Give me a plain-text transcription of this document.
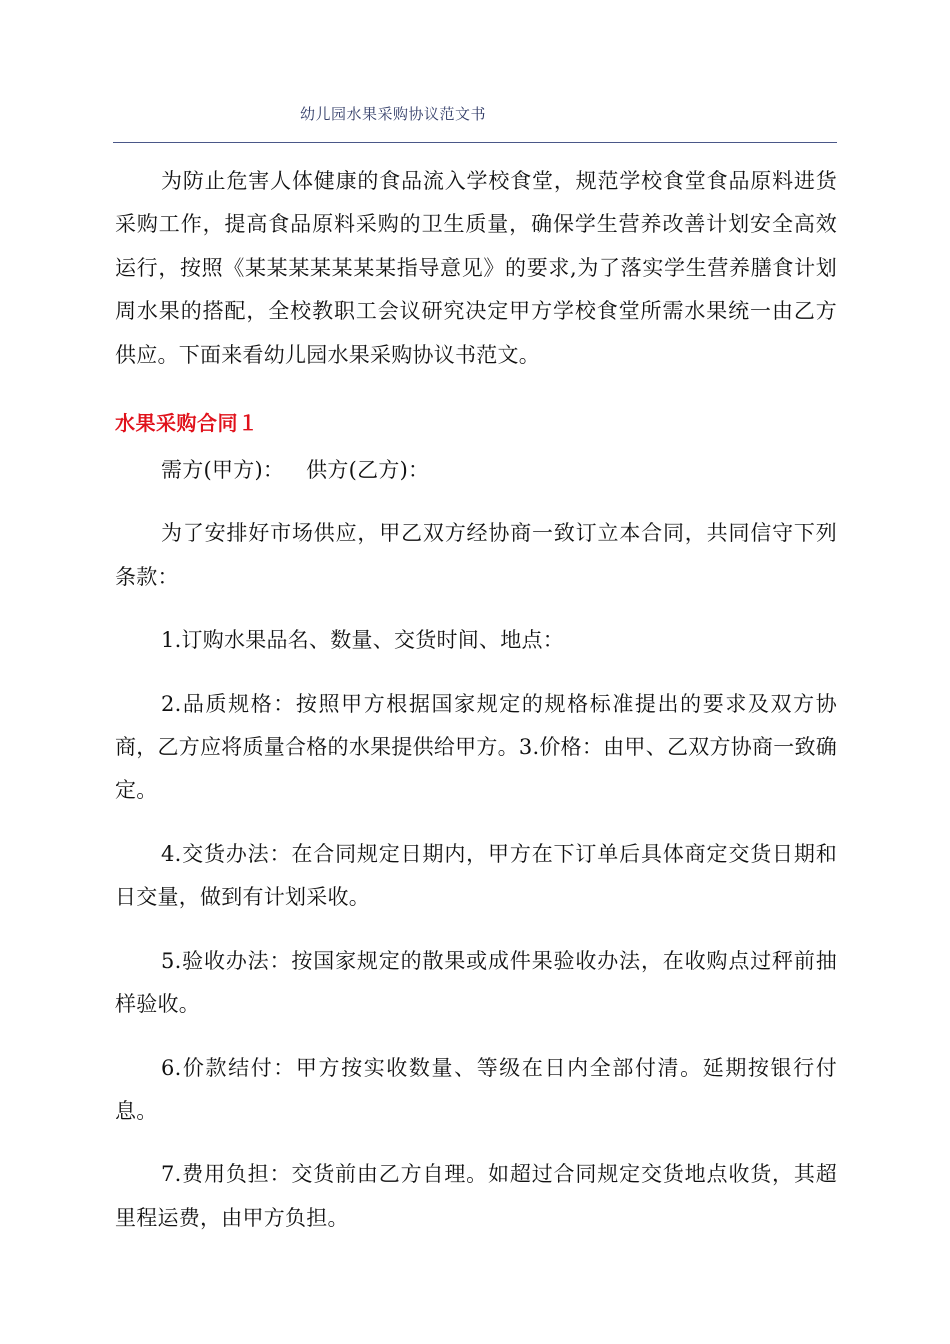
幼儿园水果采购协议范文书

为防止危害人体健康的食品流入学校食堂，规范学校食堂食品原料进货采购工作，提高食品原料采购的卫生质量，确保学生营养改善计划安全高效运行，按照《某某某某某某某指导意见》的要求,为了落实学生营养膳食计划周水果的搭配，全校教职工会议研究决定甲方学校食堂所需水果统一由乙方供应。下面来看幼儿园水果采购协议书范文。

水果采购合同１

需方(甲方)： 供方(乙方)：

为了安排好市场供应，甲乙双方经协商一致订立本合同，共同信守下列条款：

1.订购水果品名、数量、交货时间、地点：

2.品质规格：按照甲方根据国家规定的规格标准提出的要求及双方协商，乙方应将质量合格的水果提供给甲方。3.价格：由甲、乙双方协商一致确定。

4.交货办法：在合同规定日期内，甲方在下订单后具体商定交货日期和日交量，做到有计划采收。

5.验收办法：按国家规定的散果或成件果验收办法，在收购点过秤前抽样验收。

6.价款结付：甲方按实收数量、等级在日内全部付清。延期按银行付息。

7.费用负担：交货前由乙方自理。如超过合同规定交货地点收货，其超里程运费，由甲方负担。
